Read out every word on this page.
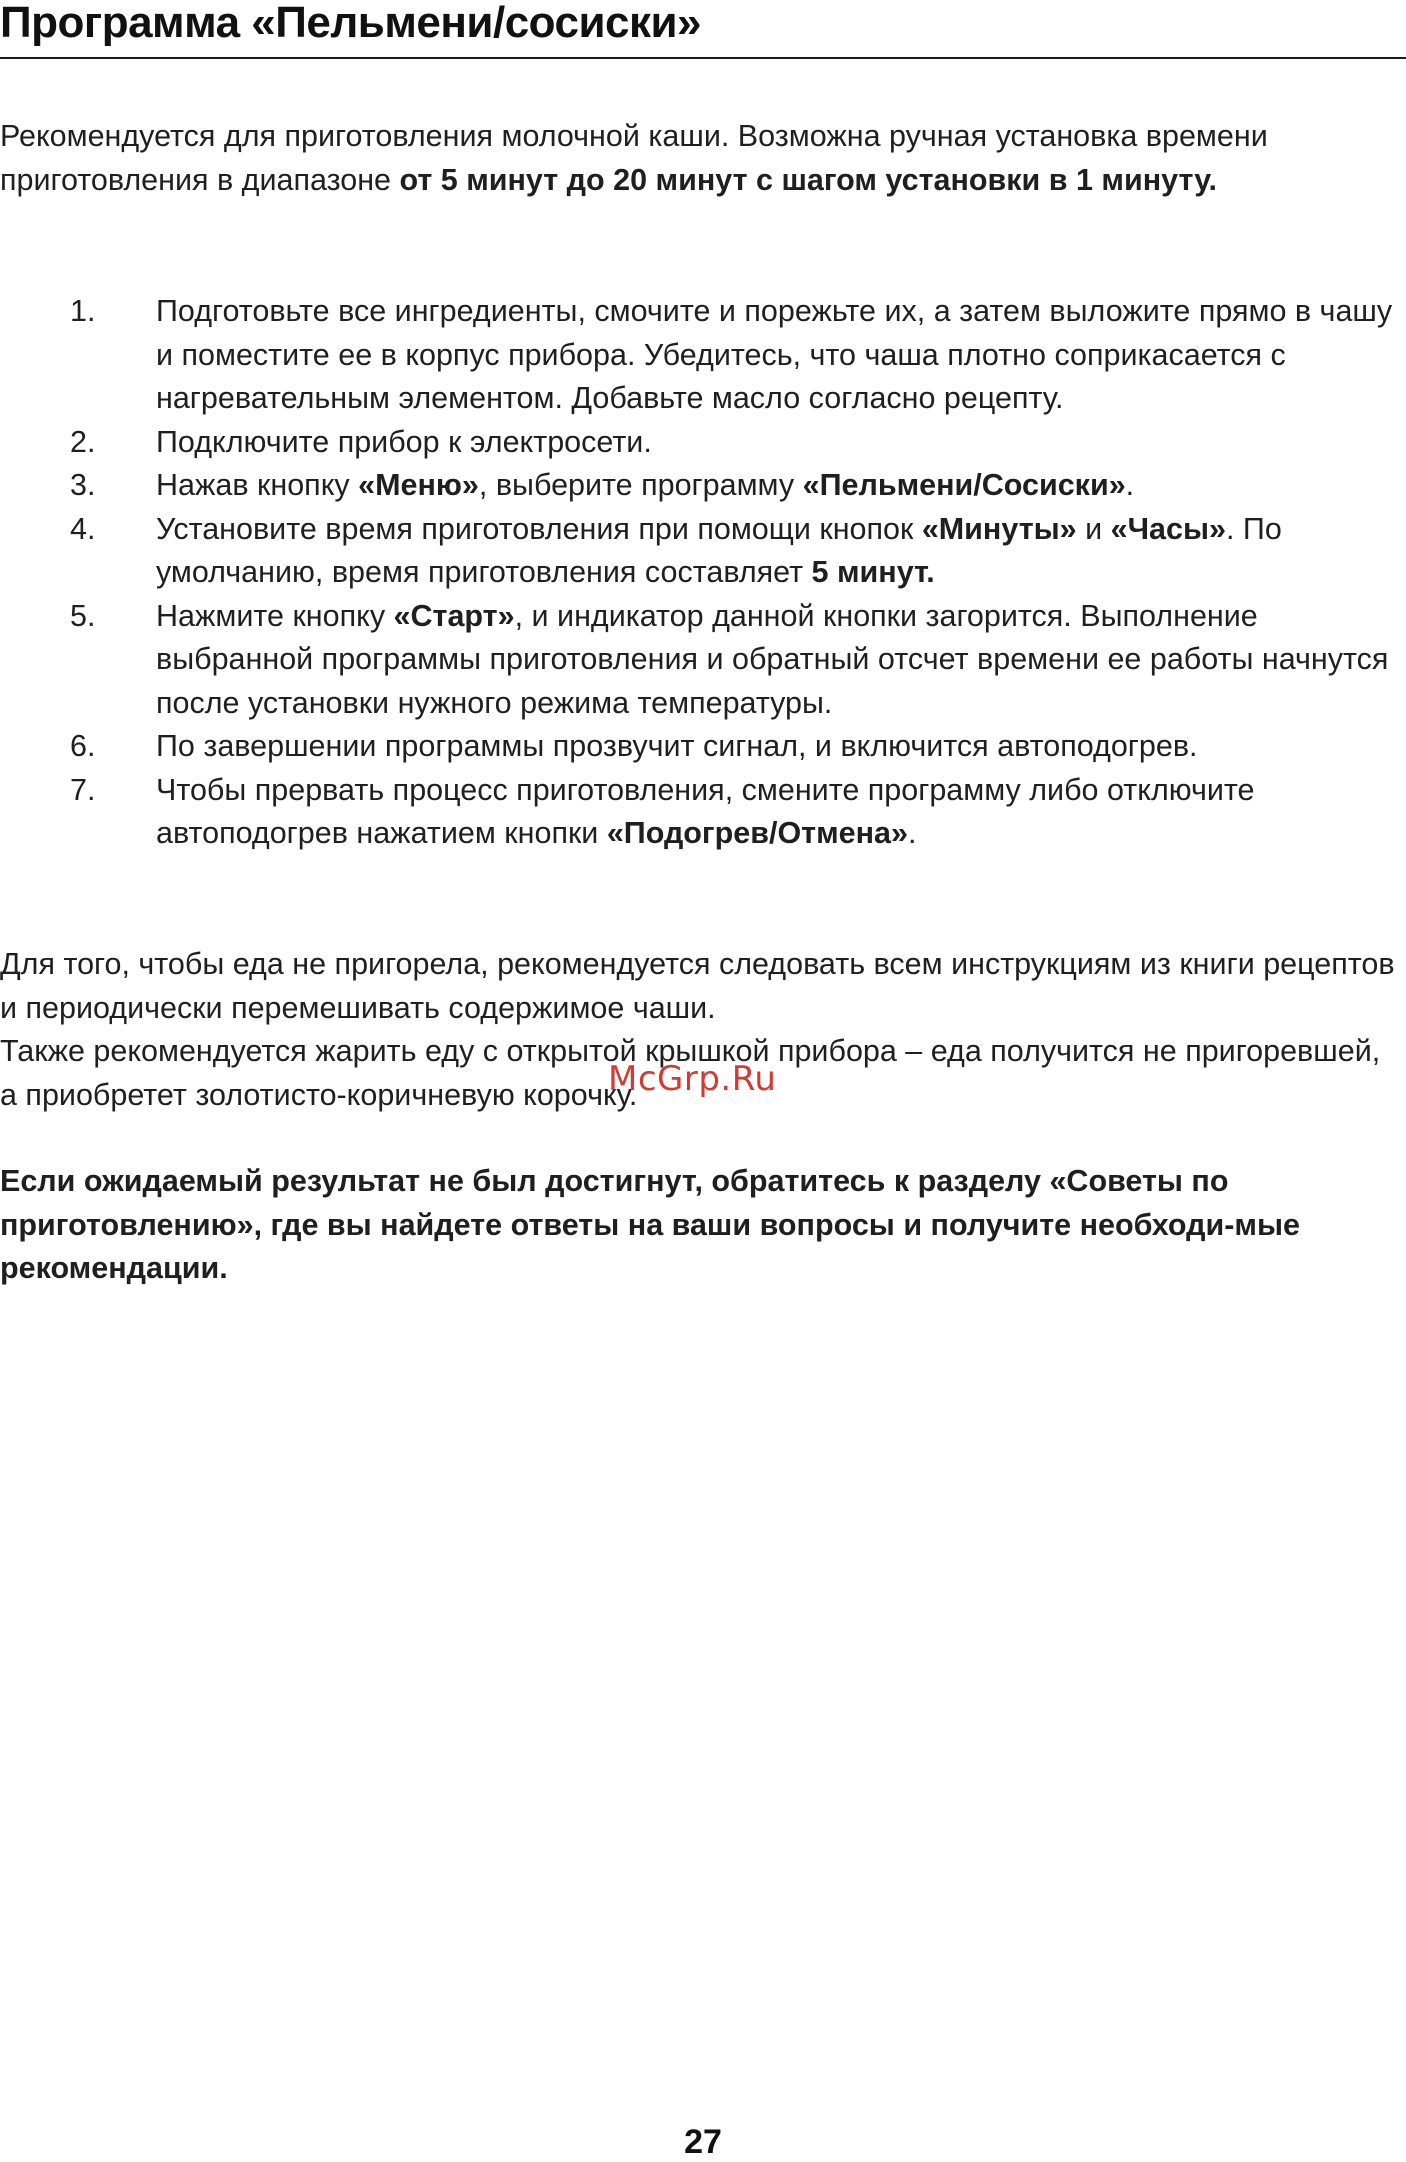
Программа «Пельмени/сосиски»

Рекомендуется для приготовления молочной каши. Возможна ручная установка времени приготовления в диапазоне от 5 минут до 20 минут с шагом установки в 1 минуту.

1. Подготовьте все ингредиенты, смочите и порежьте их, а затем выложите прямо в чашу и поместите ее в корпус прибора. Убедитесь, что чаша плотно соприкасается с нагревательным элементом. Добавьте масло согласно рецепту.
2. Подключите прибор к электросети.
3. Нажав кнопку «Меню», выберите программу «Пельмени/Сосиски».
4. Установите время приготовления при помощи кнопок «Минуты» и «Часы». По умолчанию, время приготовления составляет 5 минут.
5. Нажмите кнопку «Старт», и индикатор данной кнопки загорится. Выполнение выбранной программы приготовления и обратный отсчет времени ее работы начнутся после установки нужного режима температуры.
6. По завершении программы прозвучит сигнал, и включится автоподогрев.
7. Чтобы прервать процесс приготовления, смените программу либо отключите автоподогрев нажатием кнопки «Подогрев/Отмена».

Для того, чтобы еда не пригорела, рекомендуется следовать всем инструкциям из книги рецептов и периодически перемешивать содержимое чаши.

Также рекомендуется жарить еду с открытой крышкой прибора – еда получится не пригоревшей, а приобретет золотисто-коричневую корочку.

Если ожидаемый результат не был достигнут, обратитесь к разделу «Советы по приготовлению», где вы найдете ответы на ваши вопросы и получите необходи-мые рекомендации.

McGrp.Ru
27
